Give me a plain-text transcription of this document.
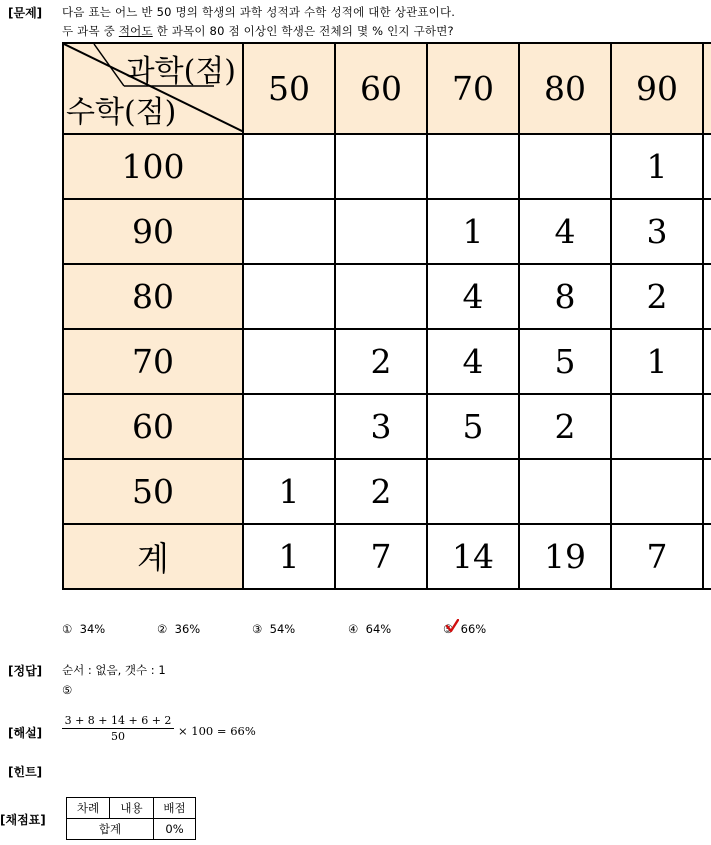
[문제] 다음 표는 어느 반 50 명의 학생의 과학 성적과 수학 성적에 대한 상관표이다.
두 과목 중 적어도 한 과목이 80 점 이상인 학생은 전체의 몇 % 인지 구하면?
과학(점)
수학(점)	50	60	70	80	90	
100					1	
90			1	4	3	
80			4	8	2	
70		2	4	5	1	
60		3	5	2		
50	1	2				
계	1	7	14	19	7	
① 34%	② 36%	③ 54%	④ 64%	⑤ 66%
[정답] 순서 : 없음, 갯수 : 1
⑤
[해설] $\frac{3 + 8 + 14 + 6 + 2}{50} \times 100 = 66\%$
[힌트]
[채점표]
차례	내용	배점
합계		0%
